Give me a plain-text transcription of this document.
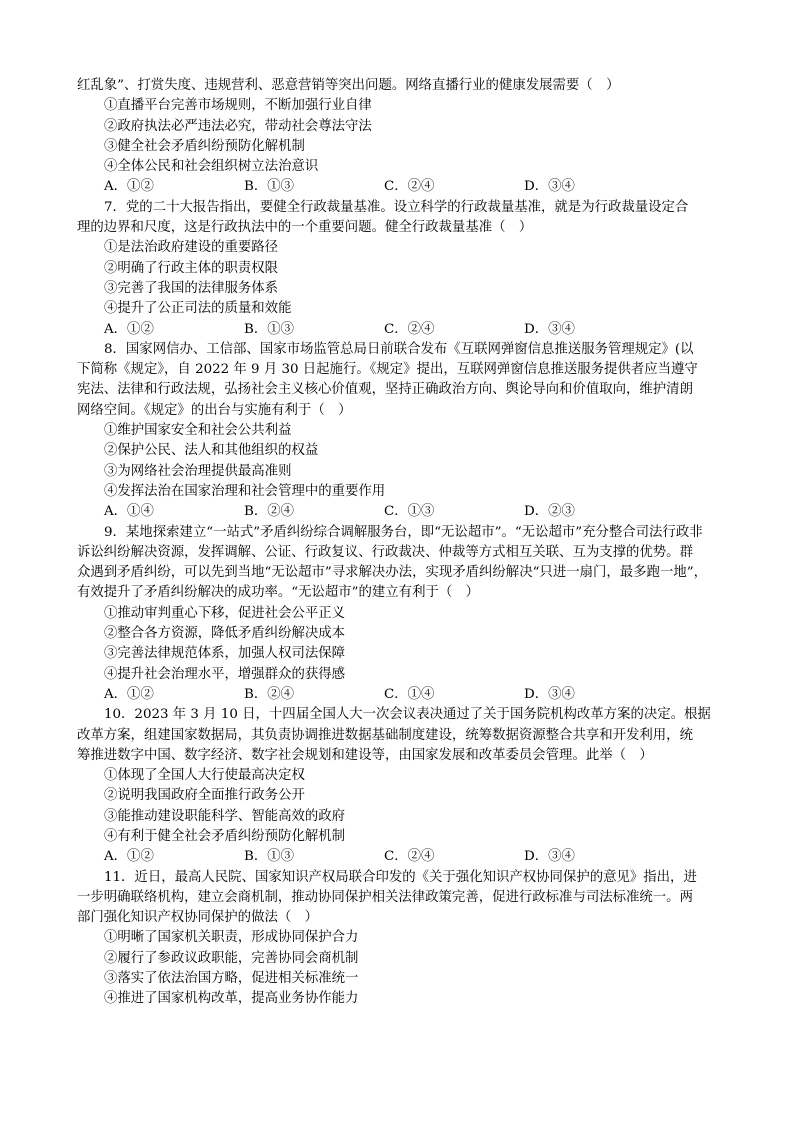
红乱象”、打赏失度、违规营利、恶意营销等突出问题。网络直播行业的健康发展需要（　）
①直播平台完善市场规则，不断加强行业自律
②政府执法必严违法必究，带动社会尊法守法
③健全社会矛盾纠纷预防化解机制
④全体公民和社会组织树立法治意识
A．①②	B．①③	C．②④	D．③④
7．党的二十大报告指出，要健全行政裁量基准。设立科学的行政裁量基准，就是为行政裁量设定合
理的边界和尺度，这是行政执法中的一个重要问题。健全行政裁量基准（　）
①是法治政府建设的重要路径
②明确了行政主体的职责权限
③完善了我国的法律服务体系
④提升了公正司法的质量和效能
A．①②	B．①③	C．②④	D．③④
8．国家网信办、工信部、国家市场监管总局日前联合发布《互联网弹窗信息推送服务管理规定》(以
下简称《规定》，自 2022 年 9 月 30 日起施行。《规定》提出，互联网弹窗信息推送服务提供者应当遵守
宪法、法律和行政法规，弘扬社会主义核心价值观，坚持正确政治方向、舆论导向和价值取向，维护清朗
网络空间。《规定》的出台与实施有利于（　）
①维护国家安全和社会公共利益
②保护公民、法人和其他组织的权益
③为网络社会治理提供最高准则
④发挥法治在国家治理和社会管理中的重要作用
A．①④	B．②④	C．①③	D．②③
9．某地探索建立“一站式”矛盾纠纷综合调解服务台，即“无讼超市”。“无讼超市”充分整合司法行政非
诉讼纠纷解决资源，发挥调解、公证、行政复议、行政裁决、仲裁等方式相互关联、互为支撑的优势。群
众遇到矛盾纠纷，可以先到当地“无讼超市”寻求解决办法，实现矛盾纠纷解决“只进一扇门，最多跑一地”，
有效提升了矛盾纠纷解决的成功率。“无讼超市”的建立有利于（　）
①推动审判重心下移，促进社会公平正义
②整合各方资源，降低矛盾纠纷解决成本
③完善法律规范体系，加强人权司法保障
④提升社会治理水平，增强群众的获得感
A．①②	B．②④	C．①④	D．③④
10．2023 年 3 月 10 日，十四届全国人大一次会议表决通过了关于国务院机构改革方案的决定。根据
改革方案，组建国家数据局，其负责协调推进数据基础制度建设，统筹数据资源整合共享和开发利用，统
筹推进数字中国、数字经济、数字社会规划和建设等，由国家发展和改革委员会管理。此举（　）
①体现了全国人大行使最高决定权
②说明我国政府全面推行政务公开
③能推动建设职能科学、智能高效的政府
④有利于健全社会矛盾纠纷预防化解机制
A．①②	B．①③	C．②④	D．③④
11．近日，最高人民院、国家知识产权局联合印发的《关于强化知识产权协同保护的意见》指出，进
一步明确联络机构，建立会商机制，推动协同保护相关法律政策完善，促进行政标准与司法标准统一。两
部门强化知识产权协同保护的做法（　）
①明晰了国家机关职责，形成协同保护合力
②履行了参政议政职能，完善协同会商机制
③落实了依法治国方略，促进相关标准统一
④推进了国家机构改革，提高业务协作能力
